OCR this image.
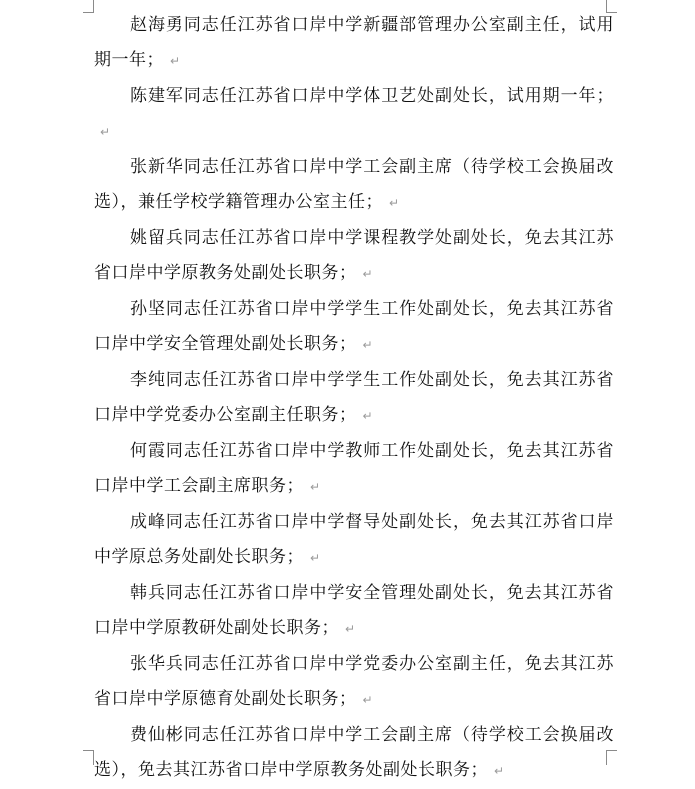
赵海勇同志任江苏省口岸中学新疆部管理办公室副主任，试用期一年； ↵

陈建军同志任江苏省口岸中学体卫艺处副处长，试用期一年；↵

张新华同志任江苏省口岸中学工会副主席（待学校工会换届改选），兼任学校学籍管理办公室主任； ↵

姚留兵同志任江苏省口岸中学课程教学处副处长，免去其江苏省口岸中学原教务处副处长职务； ↵

孙坚同志任江苏省口岸中学学生工作处副处长，免去其江苏省口岸中学安全管理处副处长职务； ↵

李纯同志任江苏省口岸中学学生工作处副处长，免去其江苏省口岸中学党委办公室副主任职务； ↵

何霞同志任江苏省口岸中学教师工作处副处长，免去其江苏省口岸中学工会副主席职务； ↵

成峰同志任江苏省口岸中学督导处副处长，免去其江苏省口岸中学原总务处副处长职务； ↵

韩兵同志任江苏省口岸中学安全管理处副处长，免去其江苏省口岸中学原教研处副处长职务； ↵

张华兵同志任江苏省口岸中学党委办公室副主任，免去其江苏省口岸中学原德育处副处长职务； ↵

费仙彬同志任江苏省口岸中学工会副主席（待学校工会换届改选），免去其江苏省口岸中学原教务处副处长职务； ↵
